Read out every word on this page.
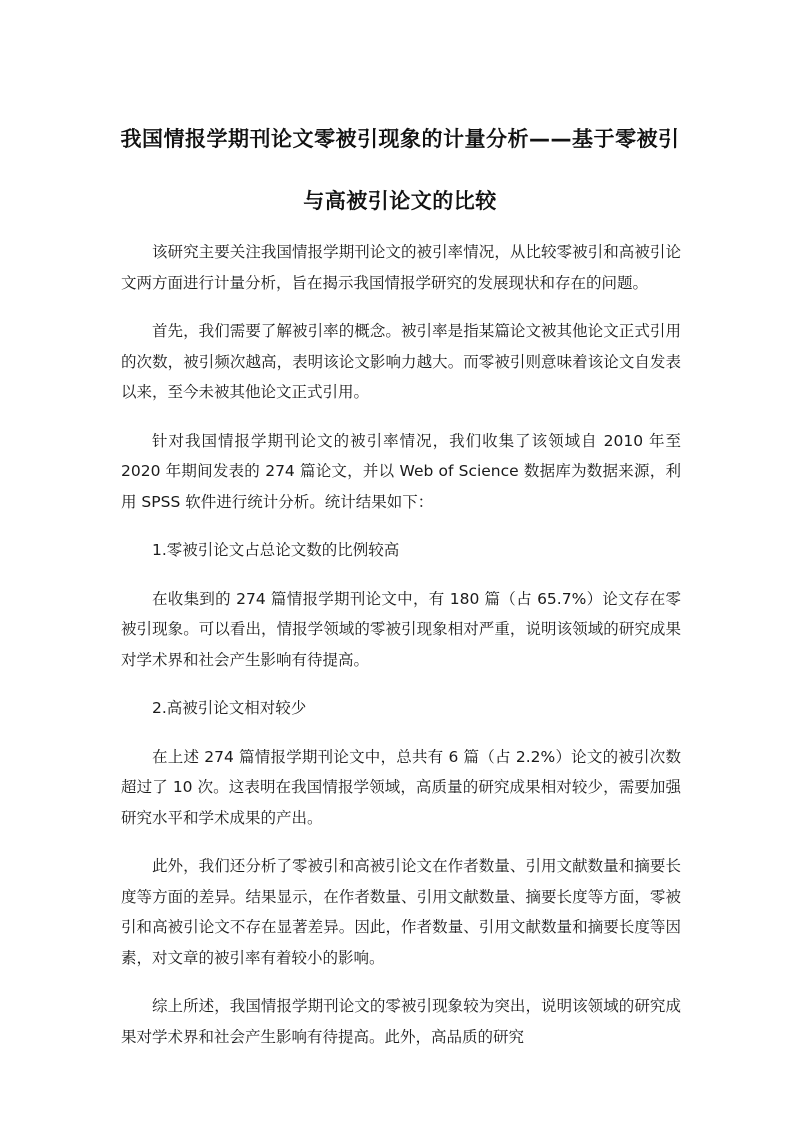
我国情报学期刊论文零被引现象的计量分析——基于零被引与高被引论文的比较

该研究主要关注我国情报学期刊论文的被引率情况，从比较零被引和高被引论文两方面进行计量分析，旨在揭示我国情报学研究的发展现状和存在的问题。

首先，我们需要了解被引率的概念。被引率是指某篇论文被其他论文正式引用的次数，被引频次越高，表明该论文影响力越大。而零被引则意味着该论文自发表以来，至今未被其他论文正式引用。

针对我国情报学期刊论文的被引率情况，我们收集了该领域自 2010 年至 2020 年期间发表的 274 篇论文，并以 Web of Science 数据库为数据来源，利用 SPSS 软件进行统计分析。统计结果如下：

1.零被引论文占总论文数的比例较高

在收集到的 274 篇情报学期刊论文中，有 180 篇（占 65.7%）论文存在零被引现象。可以看出，情报学领域的零被引现象相对严重，说明该领域的研究成果对学术界和社会产生影响有待提高。

2.高被引论文相对较少

在上述 274 篇情报学期刊论文中，总共有 6 篇（占 2.2%）论文的被引次数超过了 10 次。这表明在我国情报学领域，高质量的研究成果相对较少，需要加强研究水平和学术成果的产出。

此外，我们还分析了零被引和高被引论文在作者数量、引用文献数量和摘要长度等方面的差异。结果显示，在作者数量、引用文献数量、摘要长度等方面，零被引和高被引论文不存在显著差异。因此，作者数量、引用文献数量和摘要长度等因素，对文章的被引率有着较小的影响。

综上所述，我国情报学期刊论文的零被引现象较为突出，说明该领域的研究成果对学术界和社会产生影响有待提高。此外，高品质的研究
